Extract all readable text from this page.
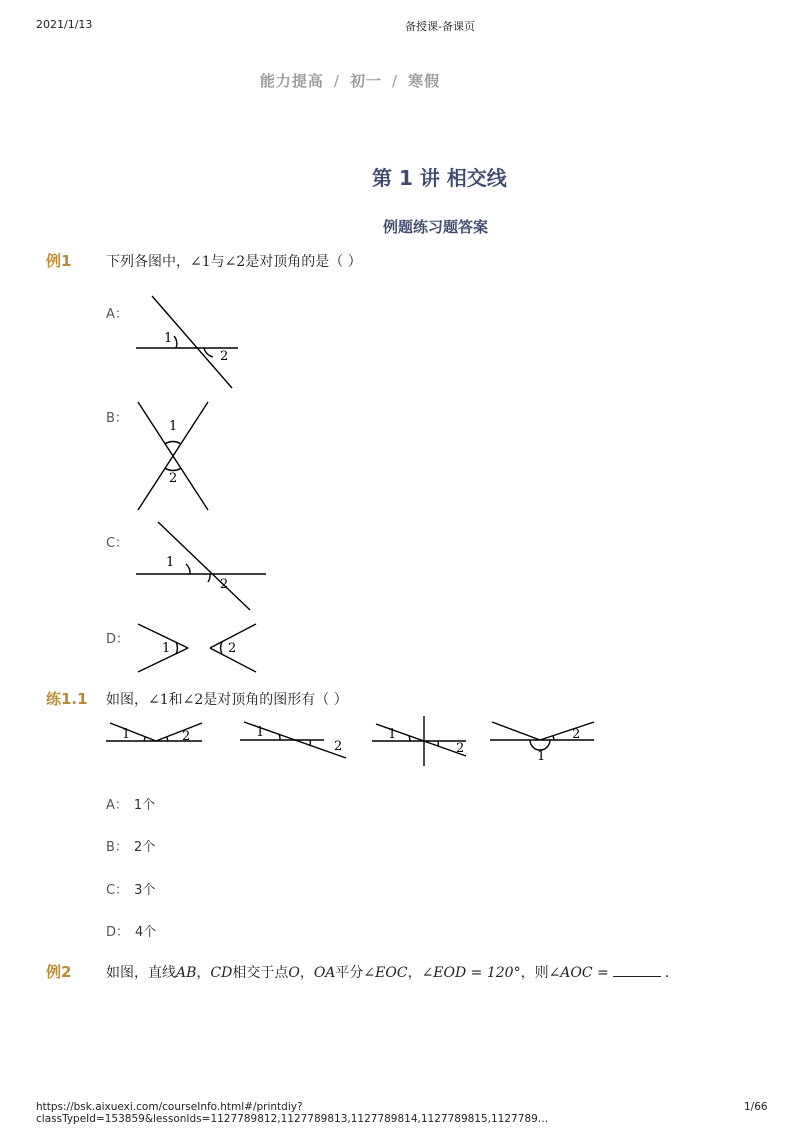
2021/1/13	备授课-备课页
能力提高 / 初一 / 寒假
第 1 讲 相交线
例题练习题答案
例1 下列各图中，∠1与∠2是对顶角的是（ ）
A：
1
2
B：
1
2
C：
1
2
D：
1	2
练1.1 如图，∠1和∠2是对顶角的图形有（ ）
1	2	1
2
1
2
1
2
A： 1个
B： 2个
C： 3个
D： 4个
例2 如图，直线AB，CD相交于点O，OA平分∠EOC，∠EOD = 120°，则∠AOC =	．
https://bsk.aixuexi.com/courseInfo.html#/printdiy?classTypeId=153859&lessonIds=1127789812,1127789813,1127789814,1127789815,1127789…
1/66
